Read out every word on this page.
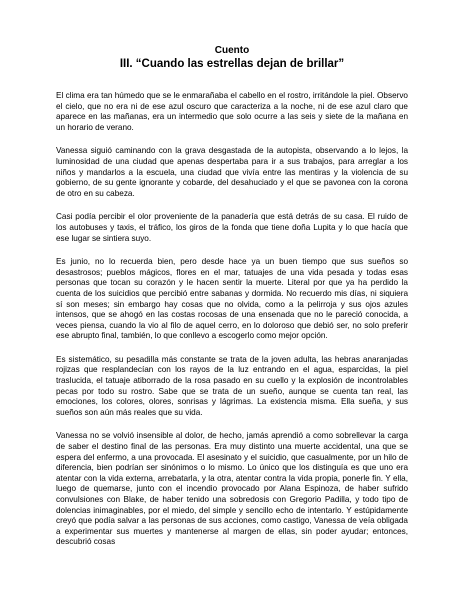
Cuento
III. “Cuando las estrellas dejan de brillar”

El clima era tan húmedo que se le enmarañaba el cabello en el rostro, irritándole la piel. Observo el cielo, que no era ni de ese azul oscuro que caracteriza a la noche, ni de ese azul claro que aparece en las mañanas, era un intermedio que solo ocurre a las seis y siete de la mañana en un horario de verano.

Vanessa siguió caminando con la grava desgastada de la autopista, observando a lo lejos, la luminosidad de una ciudad que apenas despertaba para ir a sus trabajos, para arreglar a los niños y mandarlos a la escuela, una ciudad que vivía entre las mentiras y la violencia de su gobierno, de su gente ignorante y cobarde, del desahuciado y el que se pavonea con la corona de otro en su cabeza.

Casi podía percibir el olor proveniente de la panadería que está detrás de su casa. El ruido de los autobuses y taxis, el tráfico, los giros de la fonda que tiene doña Lupita y lo que hacía que ese lugar se sintiera suyo.

Es junio, no lo recuerda bien, pero desde hace ya un buen tiempo que sus sueños so desastrosos; pueblos mágicos, flores en el mar, tatuajes de una vida pesada y todas esas personas que tocan su corazón y le hacen sentir la muerte. Literal por que ya ha perdido la cuenta de los suicidios que percibió entre sabanas y dormida. No recuerdo mis días, ni siquiera sí son meses; sin embargo hay cosas que no olvida, como a la pelirroja y sus ojos azules intensos, que se ahogó en las costas rocosas de una ensenada que no le pareció conocida, a veces piensa, cuando la vio al filo de aquel cerro, en lo doloroso que debió ser, no solo preferir ese abrupto final, también, lo que conllevo a escogerlo como mejor opción.

Es sistemático, su pesadilla más constante se trata de la joven adulta, las hebras anaranjadas rojizas que resplandecían con los rayos de la luz entrando en el agua, esparcidas, la piel traslucida, el tatuaje atiborrado de la rosa pasado en su cuello y la explosión de incontrolables pecas por todo su rostro. Sabe que se trata de un sueño, aunque se cuenta tan real, las emociones, los colores, olores, sonrisas y lágrimas. La existencia misma. Ella sueña, y sus sueños son aún más reales que su vida.

Vanessa no se volvió insensible al dolor, de hecho, jamás aprendió a como sobrellevar la carga de saber el destino final de las personas. Era muy distinto una muerte accidental, una que se espera del enfermo, a una provocada. El asesinato y el suicidio, que casualmente, por un hilo de diferencia, bien podrían ser sinónimos o lo mismo. Lo único que los distinguía es que uno era atentar con la vida externa, arrebatarla, y la otra, atentar contra la vida propia, ponerle fin. Y ella, luego de quemarse, junto con el incendio provocado por Alana Espinoza, de haber sufrido convulsiones con Blake, de haber tenido una sobredosis con Gregorio Padilla, y todo tipo de dolencias inimaginables, por el miedo, del simple y sencillo echo de intentarlo. Y estúpidamente creyó que podía salvar a las personas de sus acciones, como castigo, Vanessa de veía obligada a experimentar sus muertes y mantenerse al margen de ellas, sin poder ayudar; entonces, descubrió cosas
